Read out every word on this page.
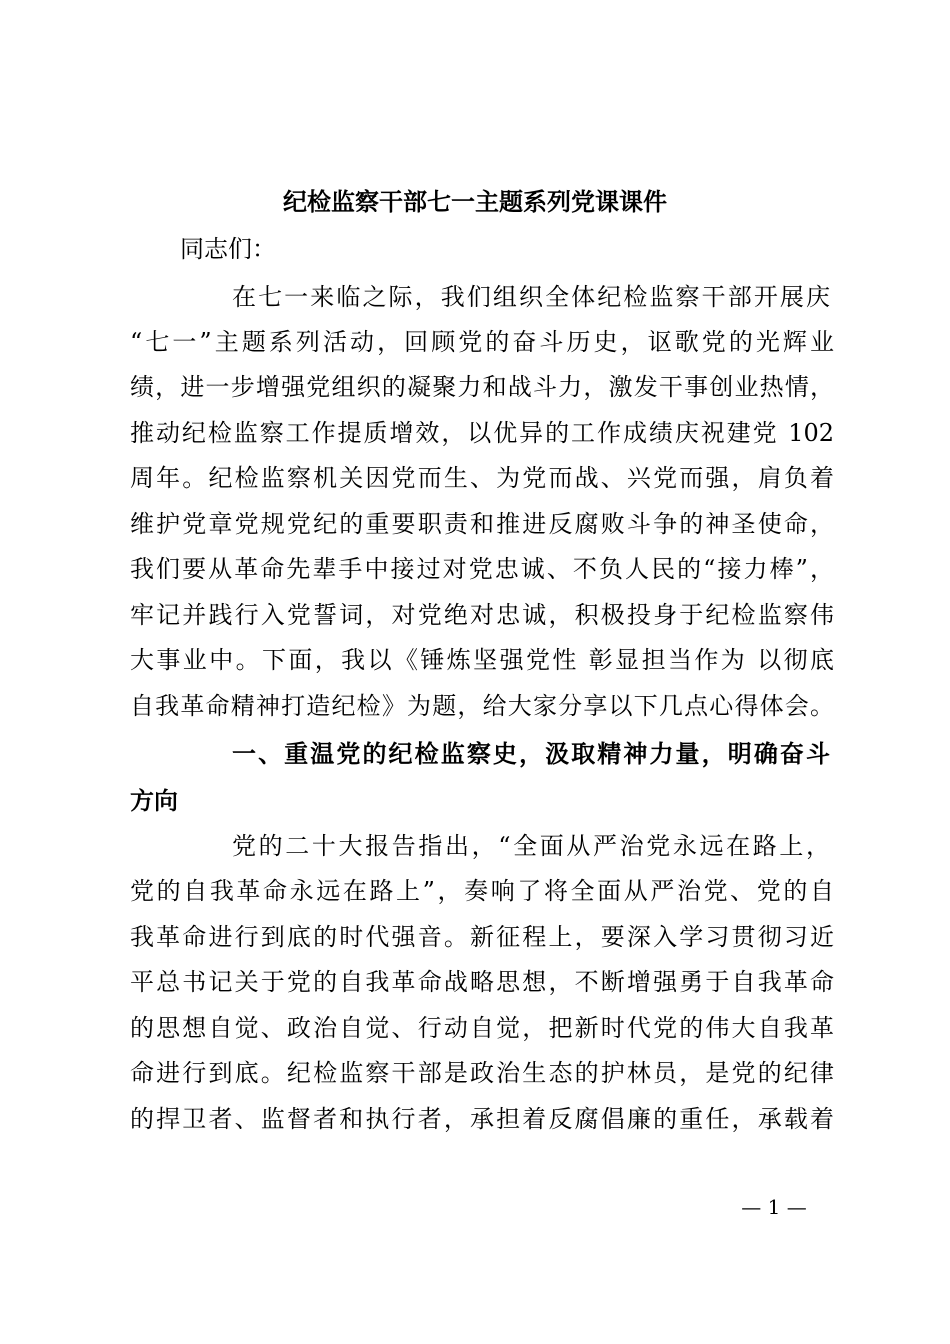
纪检监察干部七一主题系列党课课件
同志们：
在七一来临之际，我们组织全体纪检监察干部开展庆
“七一”主题系列活动，回顾党的奋斗历史，讴歌党的光辉业
绩，进一步增强党组织的凝聚力和战斗力，激发干事创业热情，
推动纪检监察工作提质增效，以优异的工作成绩庆祝建党 102
周年。纪检监察机关因党而生、为党而战、兴党而强，肩负着
维护党章党规党纪的重要职责和推进反腐败斗争的神圣使命，
我们要从革命先辈手中接过对党忠诚、不负人民的“接力棒”，
牢记并践行入党誓词，对党绝对忠诚，积极投身于纪检监察伟
大事业中。下面，我以《锤炼坚强党性 彰显担当作为 以彻底
自我革命精神打造纪检》为题，给大家分享以下几点心得体会。
一、重温党的纪检监察史，汲取精神力量，明确奋斗
方向
党的二十大报告指出，“全面从严治党永远在路上，
党的自我革命永远在路上”，奏响了将全面从严治党、党的自
我革命进行到底的时代强音。新征程上，要深入学习贯彻习近
平总书记关于党的自我革命战略思想，不断增强勇于自我革命
的思想自觉、政治自觉、行动自觉，把新时代党的伟大自我革
命进行到底。纪检监察干部是政治生态的护林员，是党的纪律
的捍卫者、监督者和执行者，承担着反腐倡廉的重任，承载着
— 1 —
